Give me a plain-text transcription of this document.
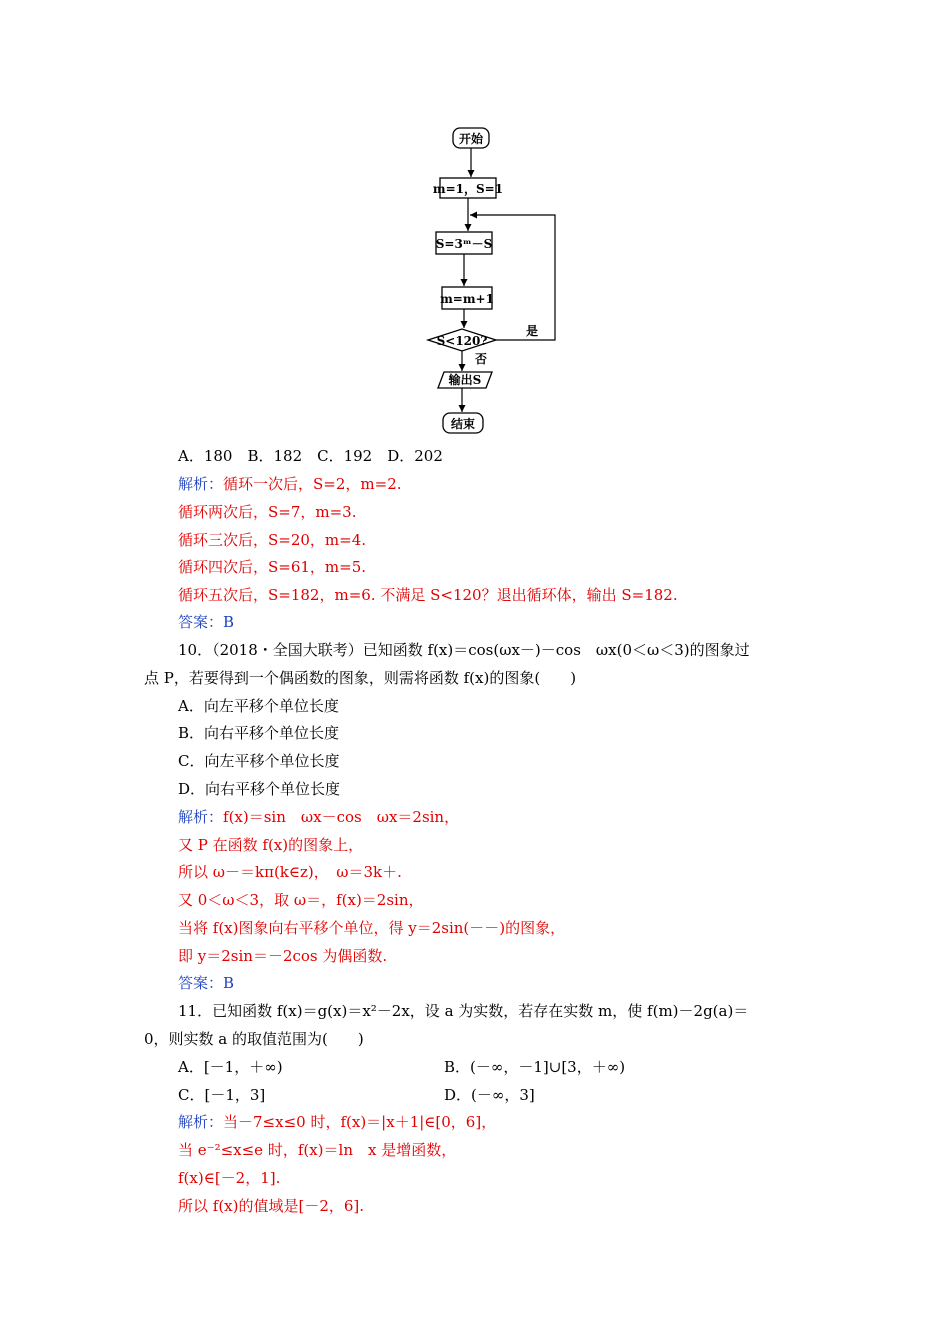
开始
m=1，S=1
S=3ᵐ－S
m=m+1
S<120?
是
否
输出S
结束
A．180　B．182　C．192　D．202
解析：循环一次后，S=2，m=2.
循环两次后，S=7，m=3.
循环三次后，S=20，m=4.
循环四次后，S=61，m=5.
循环五次后，S=182，m=6. 不满足 S<120？退出循环体，输出 S=182.
答案：B
10．（2018・全国大联考）已知函数 f(x)＝cos(ωx－)－cos　ωx(0＜ω＜3)的图象过
点 P，若要得到一个偶函数的图象，则需将函数 f(x)的图象(　　)
A．向左平移个单位长度
B．向右平移个单位长度
C．向左平移个单位长度
D．向右平移个单位长度
解析：f(x)＝sin　ωx－cos　ωx＝2sin，
又 P 在函数 f(x)的图象上，
所以 ω－＝kπ(k∈z)，　ω＝3k＋.
又 0＜ω＜3，取 ω＝，f(x)＝2sin，
当将 f(x)图象向右平移个单位，得 y＝2sin(－－)的图象，
即 y＝2sin＝－2cos 为偶函数.
答案：B
11．已知函数 f(x)＝g(x)＝x²－2x，设 a 为实数，若存在实数 m，使 f(m)－2g(a)＝
0，则实数 a 的取值范围为(　　)
A．[－1，＋∞)	B．(－∞，－1]∪[3，＋∞)
C．[－1，3]	D．(－∞，3]
解析：当－7≤x≤0 时，f(x)＝|x＋1|∈[0，6]，
当 e⁻²≤x≤e 时，f(x)＝ln　x 是增函数，
f(x)∈[－2，1].
所以 f(x)的值域是[－2，6].
